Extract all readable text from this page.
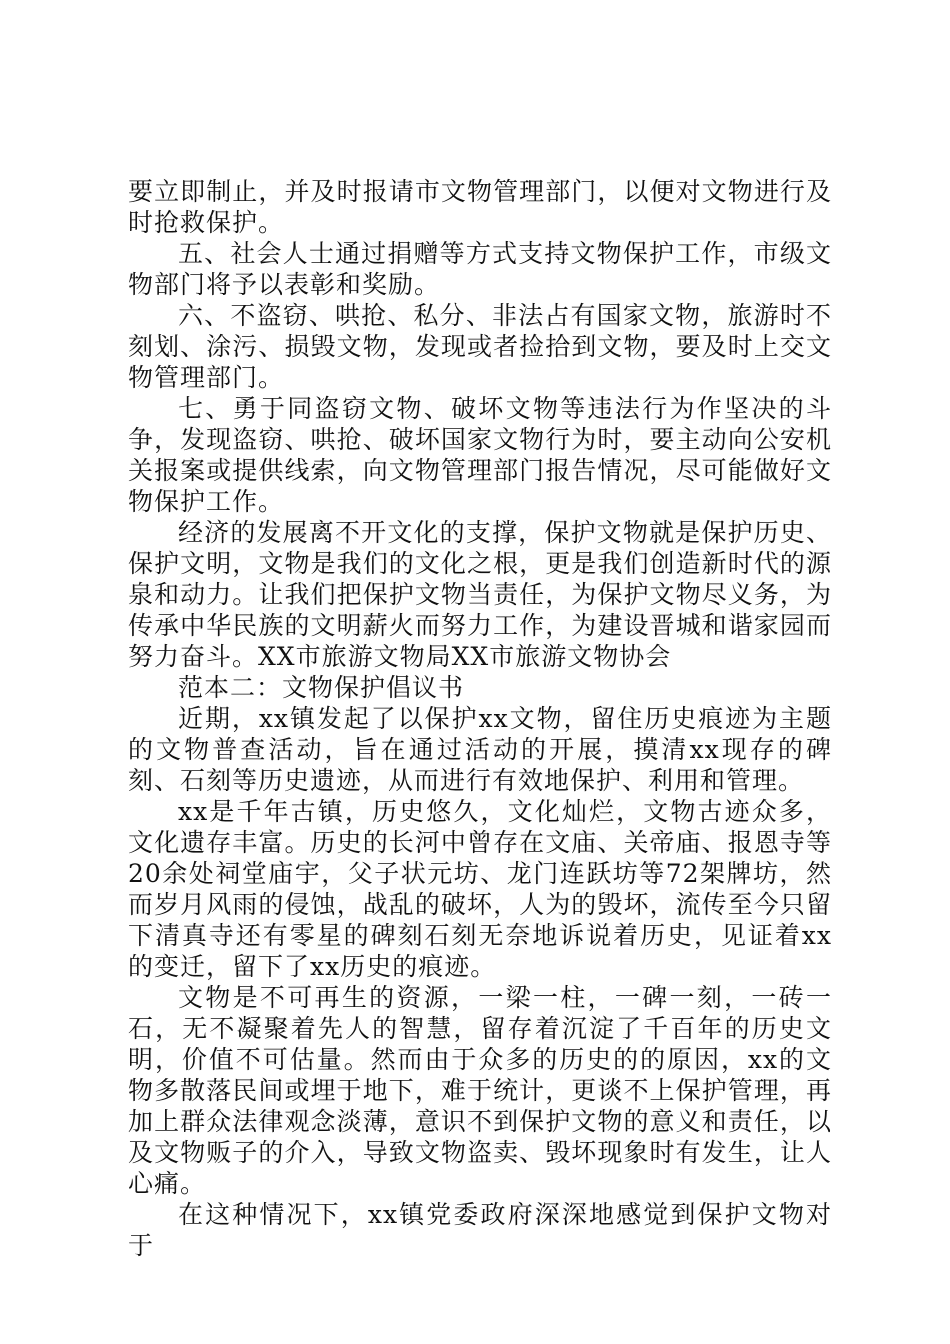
要立即制止，并及时报请市文物管理部门，以便对文物进行及时抢救保护。

五、社会人士通过捐赠等方式支持文物保护工作，市级文物部门将予以表彰和奖励。

六、不盗窃、哄抢、私分、非法占有国家文物，旅游时不刻划、涂污、损毁文物，发现或者捡拾到文物，要及时上交文物管理部门。

七、勇于同盗窃文物、破坏文物等违法行为作坚决的斗争，发现盗窃、哄抢、破坏国家文物行为时，要主动向公安机关报案或提供线索，向文物管理部门报告情况，尽可能做好文物保护工作。

经济的发展离不开文化的支撑，保护文物就是保护历史、保护文明，文物是我们的文化之根，更是我们创造新时代的源泉和动力。让我们把保护文物当责任，为保护文物尽义务，为传承中华民族的文明薪火而努力工作，为建设晋城和谐家园而努力奋斗。XX市旅游文物局XX市旅游文物协会

范本二：文物保护倡议书

近期，xx镇发起了以保护xx文物，留住历史痕迹为主题的文物普查活动，旨在通过活动的开展，摸清xx现存的碑刻、石刻等历史遗迹，从而进行有效地保护、利用和管理。

xx是千年古镇，历史悠久，文化灿烂，文物古迹众多，文化遗存丰富。历史的长河中曾存在文庙、关帝庙、报恩寺等20余处祠堂庙宇，父子状元坊、龙门连跃坊等72架牌坊，然而岁月风雨的侵蚀，战乱的破坏，人为的毁坏，流传至今只留下清真寺还有零星的碑刻石刻无奈地诉说着历史，见证着xx的变迁，留下了xx历史的痕迹。

文物是不可再生的资源，一梁一柱，一碑一刻，一砖一石，无不凝聚着先人的智慧，留存着沉淀了千百年的历史文明，价值不可估量。然而由于众多的历史的的原因，xx的文物多散落民间或埋于地下，难于统计，更谈不上保护管理，再加上群众法律观念淡薄，意识不到保护文物的意义和责任，以及文物贩子的介入，导致文物盗卖、毁坏现象时有发生，让人心痛。

在这种情况下，xx镇党委政府深深地感觉到保护文物对于
